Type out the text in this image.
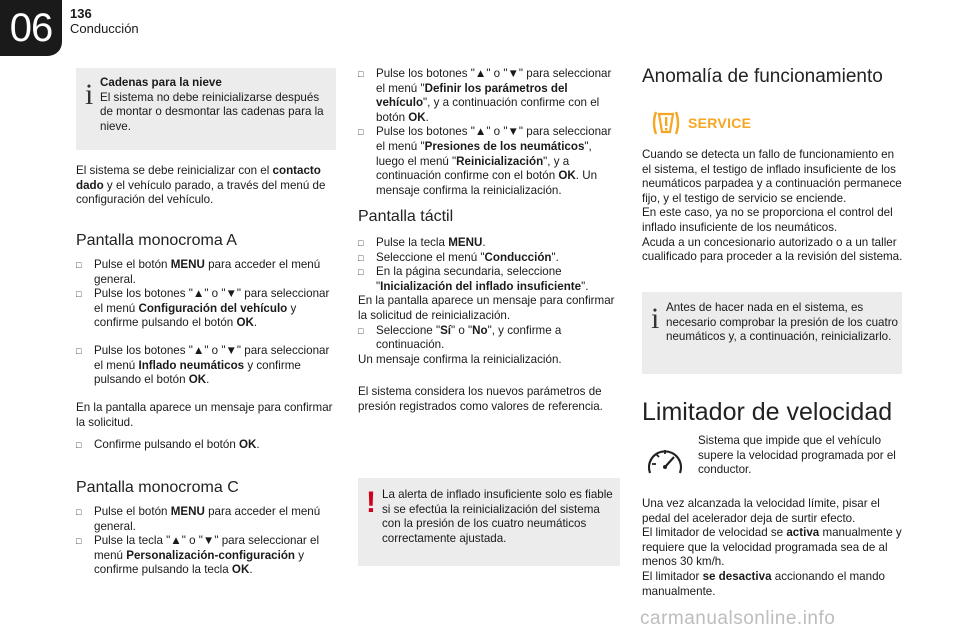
06	136
Conducción
i Cadenas para la nieve

El sistema no debe reinicializarse después de montar o desmontar las cadenas para la nieve.

El sistema se debe reinicializar con el contacto dado y el vehículo parado, a través del menú de configuración del vehículo.
Pantalla monocroma A
□ Pulse el botón MENU para acceder el menú general.
□ Pulse los botones "▲" o "▼" para seleccionar el menú Configuración del vehículo y confirme pulsando el botón OK.
□ Pulse los botones "▲" o "▼" para seleccionar el menú Inflado neumáticos y confirme pulsando el botón OK.
En la pantalla aparece un mensaje para confirmar la solicitud.
□ Confirme pulsando el botón OK.
Pantalla monocroma C
□ Pulse el botón MENU para acceder el menú general.
□ Pulse la tecla "▲" o "▼" para seleccionar el menú Personalización-configuración y confirme pulsando la tecla OK.
□ Pulse los botones "▲" o "▼" para seleccionar el menú "Definir los parámetros del vehículo", y a continuación confirme con el botón OK.
□ Pulse los botones "▲" o "▼" para seleccionar el menú "Presiones de los neumáticos", luego el menú "Reinicialización", y a continuación confirme con el botón OK. Un mensaje confirma la reinicialización.
Pantalla táctil
□ Pulse la tecla MENU.
□ Seleccione el menú "Conducción".
□ En la página secundaria, seleccione "Inicialización del inflado insuficiente".

En la pantalla aparece un mensaje para confirmar la solicitud de reinicialización.

□ Seleccione "Sí" o "No", y confirme a continuación.

Un mensaje confirma la reinicialización.

El sistema considera los nuevos parámetros de presión registrados como valores de referencia.
! La alerta de inflado insuficiente solo es fiable si se efectúa la reinicialización del sistema con la presión de los cuatro neumáticos correctamente ajustada.
Anomalía de funcionamiento
SERVICE
Cuando se detecta un fallo de funcionamiento en el sistema, el testigo de inflado insuficiente de los neumáticos parpadea y a continuación permanece fijo, y el testigo de servicio se enciende.
En este caso, ya no se proporciona el control del inflado insuficiente de los neumáticos.
Acuda a un concesionario autorizado o a un taller cualificado para proceder a la revisión del sistema.
i Antes de hacer nada en el sistema, es necesario comprobar la presión de los cuatro neumáticos y, a continuación, reinicializarlo.
Limitador de velocidad
Sistema que impide que el vehículo supere la velocidad programada por el conductor.

Una vez alcanzada la velocidad límite, pisar el pedal del acelerador deja de surtir efecto.

El limitador de velocidad se activa manualmente y requiere que la velocidad programada sea de al menos 30 km/h.

El limitador se desactiva accionando el mando manualmente.

carmanualsonline.info
